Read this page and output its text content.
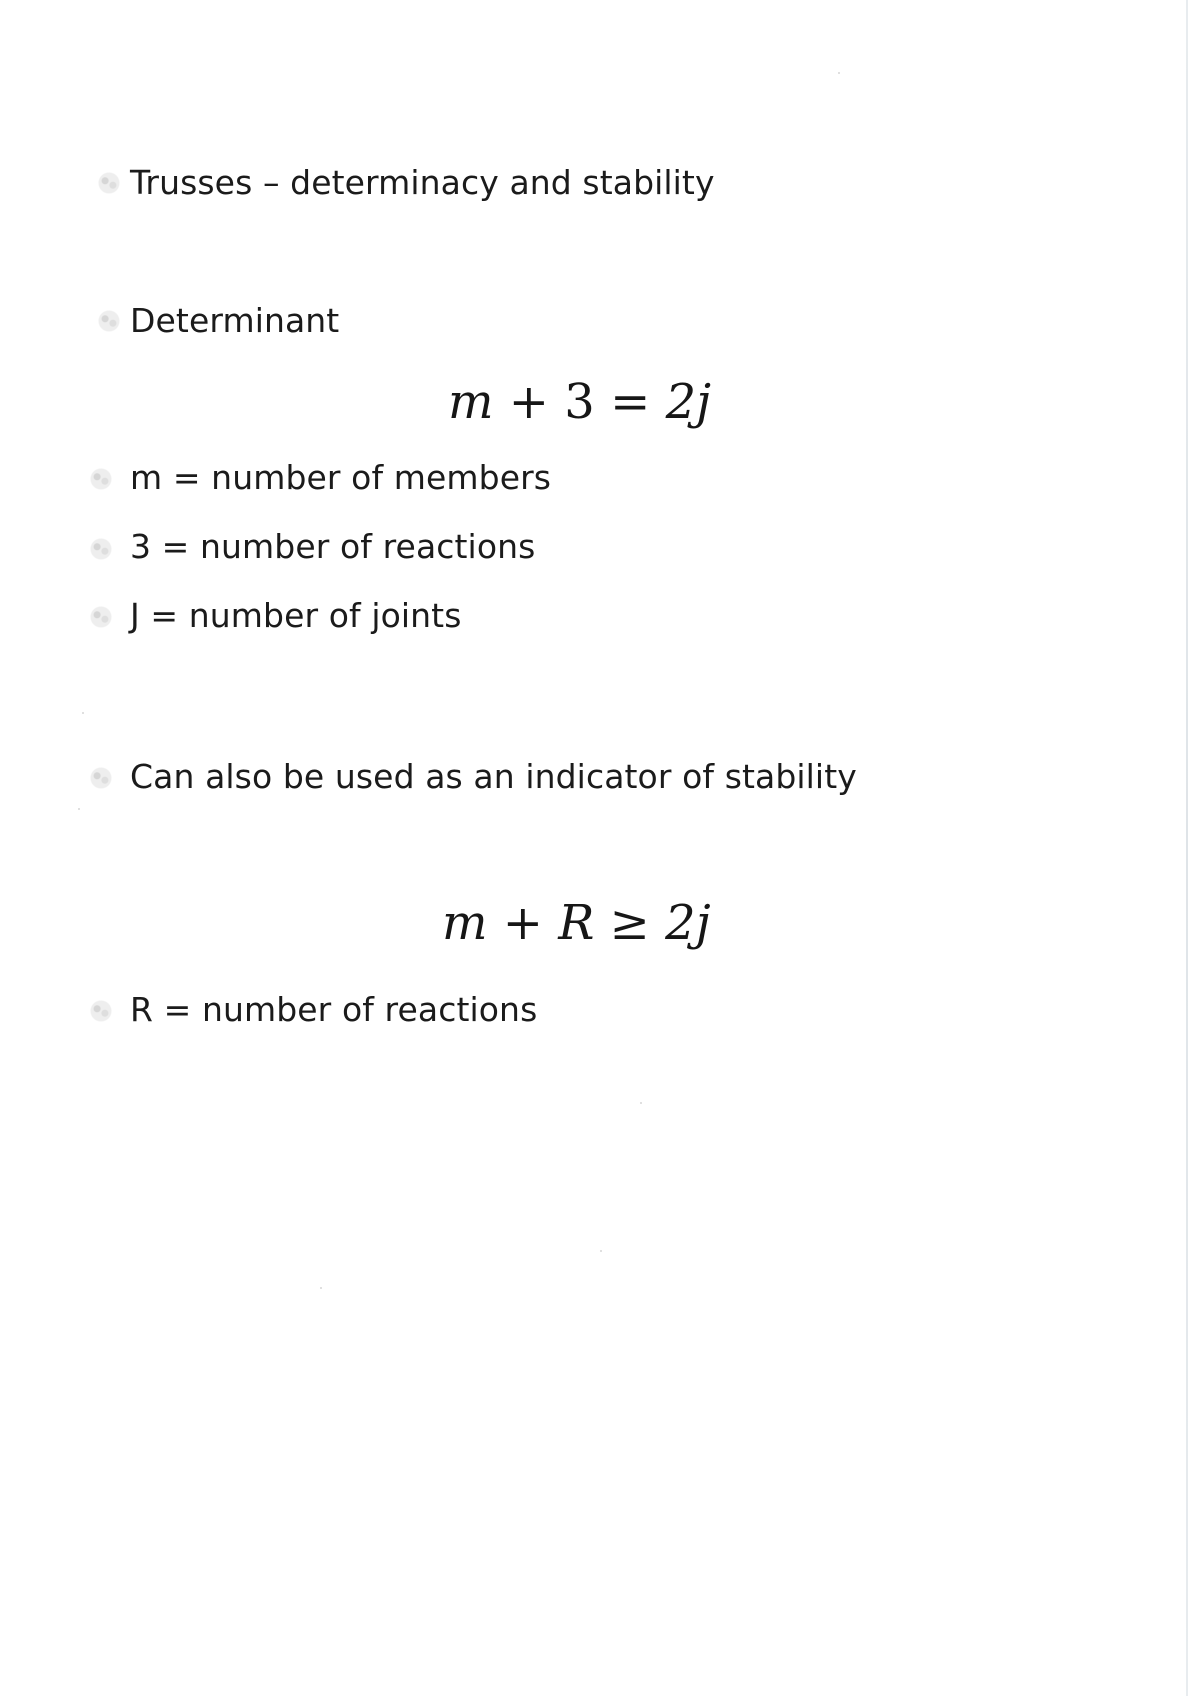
Trusses – determinacy and stability
Determinant
m + 3 = 2j
m = number of members
3 = number of reactions
J = number of joints
Can also be used as an indicator of stability
m + R ≥ 2j
R = number of reactions
